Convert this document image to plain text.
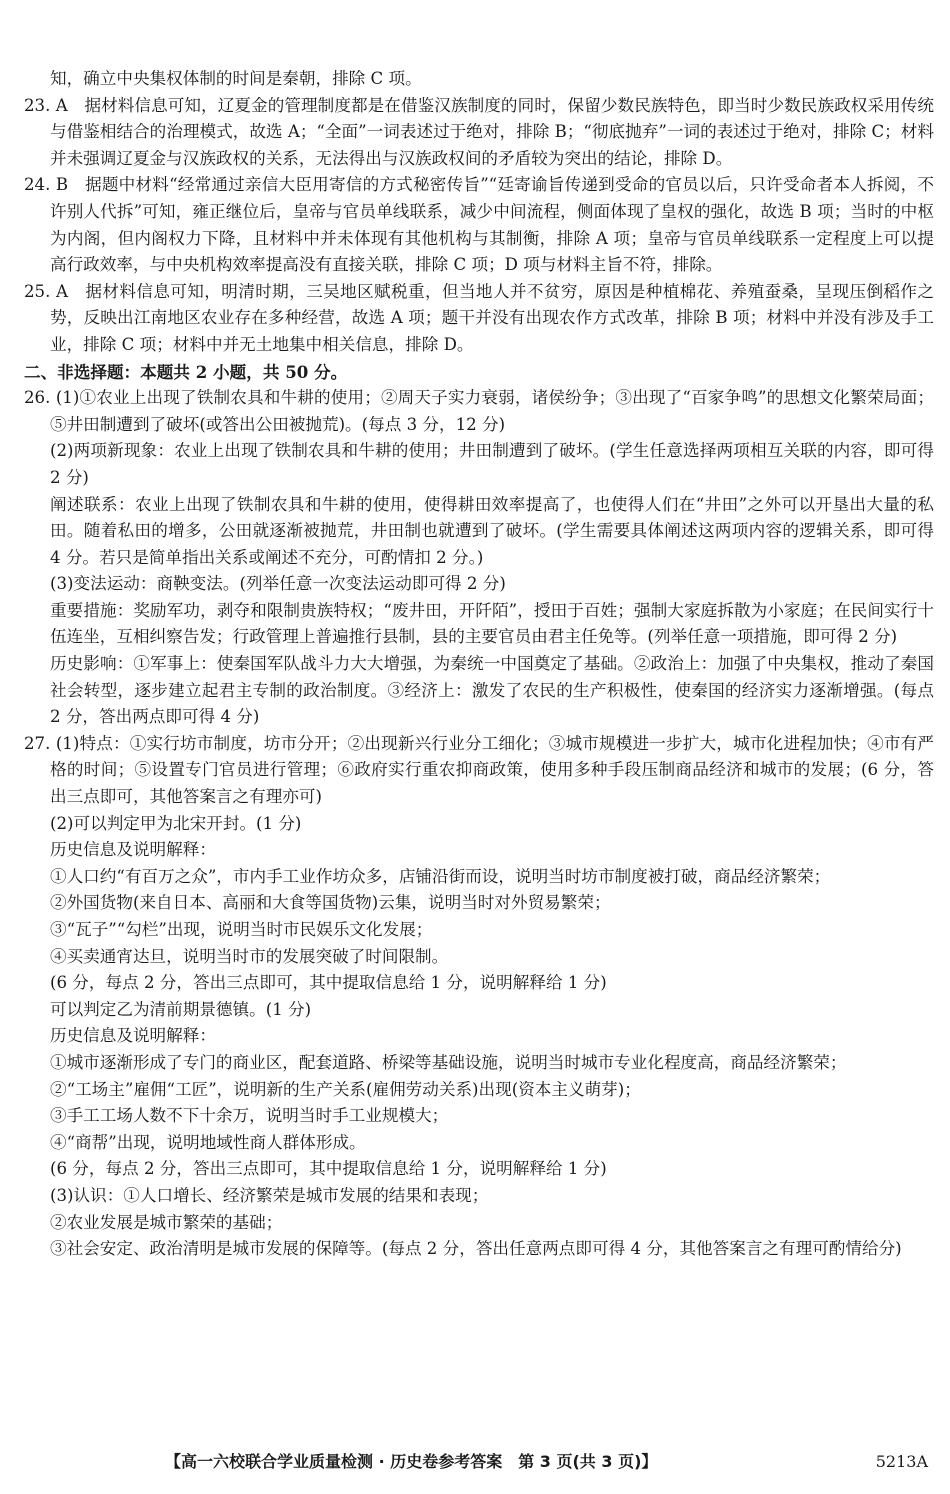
知，确立中央集权体制的时间是秦朝，排除 C 项。

23. A　据材料信息可知，辽夏金的管理制度都是在借鉴汉族制度的同时，保留少数民族特色，即当时少数民族政权采用传统与借鉴相结合的治理模式，故选 A；“全面”一词表述过于绝对，排除 B；“彻底抛弃”一词的表述过于绝对，排除 C；材料并未强调辽夏金与汉族政权的关系，无法得出与汉族政权间的矛盾较为突出的结论，排除 D。

24. B　据题中材料“经常通过亲信大臣用寄信的方式秘密传旨”“廷寄谕旨传递到受命的官员以后，只许受命者本人拆阅，不许别人代拆”可知，雍正继位后，皇帝与官员单线联系，减少中间流程，侧面体现了皇权的强化，故选 B 项；当时的中枢为内阁，但内阁权力下降，且材料中并未体现有其他机构与其制衡，排除 A 项；皇帝与官员单线联系一定程度上可以提高行政效率，与中央机构效率提高没有直接关联，排除 C 项；D 项与材料主旨不符，排除。

25. A　据材料信息可知，明清时期，三吴地区赋税重，但当地人并不贫穷，原因是种植棉花、养殖蚕桑，呈现压倒稻作之势，反映出江南地区农业存在多种经营，故选 A 项；题干并没有出现农作方式改革，排除 B 项；材料中并没有涉及手工业，排除 C 项；材料中并无土地集中相关信息，排除 D。

二、非选择题：本题共 2 小题，共 50 分。

26. (1)①农业上出现了铁制农具和牛耕的使用；②周天子实力衰弱，诸侯纷争；③出现了“百家争鸣”的思想文化繁荣局面；⑤井田制遭到了破坏(或答出公田被抛荒)。(每点 3 分，12 分)

(2)两项新现象：农业上出现了铁制农具和牛耕的使用；井田制遭到了破坏。(学生任意选择两项相互关联的内容，即可得 2 分)

阐述联系：农业上出现了铁制农具和牛耕的使用，使得耕田效率提高了，也使得人们在“井田”之外可以开垦出大量的私田。随着私田的增多，公田就逐渐被抛荒，井田制也就遭到了破坏。(学生需要具体阐述这两项内容的逻辑关系，即可得 4 分。若只是简单指出关系或阐述不充分，可酌情扣 2 分。)

(3)变法运动：商鞅变法。(列举任意一次变法运动即可得 2 分)

重要措施：奖励军功，剥夺和限制贵族特权；“废井田，开阡陌”，授田于百姓；强制大家庭拆散为小家庭；在民间实行十伍连坐，互相纠察告发；行政管理上普遍推行县制，县的主要官员由君主任免等。(列举任意一项措施，即可得 2 分)

历史影响：①军事上：使秦国军队战斗力大大增强，为秦统一中国奠定了基础。②政治上：加强了中央集权，推动了秦国社会转型，逐步建立起君主专制的政治制度。③经济上：激发了农民的生产积极性，使秦国的经济实力逐渐增强。(每点 2 分，答出两点即可得 4 分)

27. (1)特点：①实行坊市制度，坊市分开；②出现新兴行业分工细化；③城市规模进一步扩大，城市化进程加快；④市有严格的时间；⑤设置专门官员进行管理；⑥政府实行重农抑商政策，使用多种手段压制商品经济和城市的发展；(6 分，答出三点即可，其他答案言之有理亦可)

(2)可以判定甲为北宋开封。(1 分)

历史信息及说明解释：

①人口约“有百万之众”，市内手工业作坊众多，店铺沿街而设，说明当时坊市制度被打破，商品经济繁荣；

②外国货物(来自日本、高丽和大食等国货物)云集，说明当时对外贸易繁荣；

③“瓦子”“勾栏”出现，说明当时市民娱乐文化发展；

④买卖通宵达旦，说明当时市的发展突破了时间限制。

(6 分，每点 2 分，答出三点即可，其中提取信息给 1 分，说明解释给 1 分)

可以判定乙为清前期景德镇。(1 分)

历史信息及说明解释：

①城市逐渐形成了专门的商业区，配套道路、桥梁等基础设施，说明当时城市专业化程度高，商品经济繁荣；

②“工场主”雇佣“工匠”，说明新的生产关系(雇佣劳动关系)出现(资本主义萌芽)；

③手工工场人数不下十余万，说明当时手工业规模大；

④“商帮”出现，说明地域性商人群体形成。

(6 分，每点 2 分，答出三点即可，其中提取信息给 1 分，说明解释给 1 分)

(3)认识：①人口增长、经济繁荣是城市发展的结果和表现；

②农业发展是城市繁荣的基础；

③社会安定、政治清明是城市发展的保障等。(每点 2 分，答出任意两点即可得 4 分，其他答案言之有理可酌情给分)

【高一六校联合学业质量检测 · 历史卷参考答案　第 3 页(共 3 页)】	5213A
